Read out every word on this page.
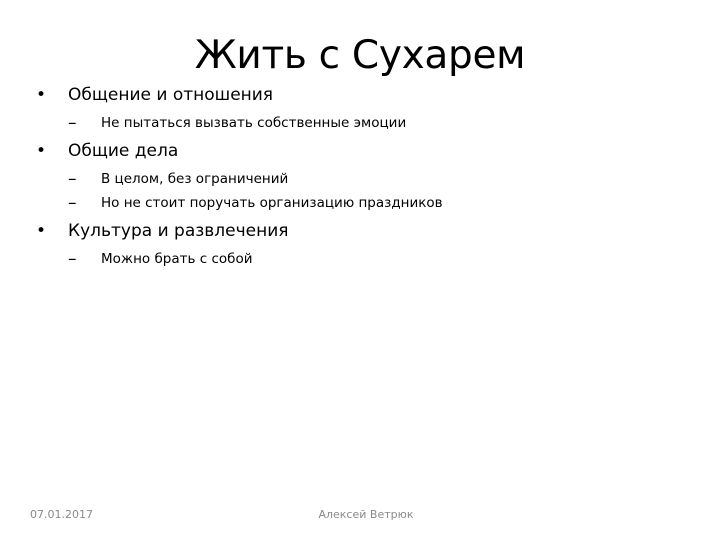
Жить с Сухарем
•	Общение и отношения
–	Не пытаться вызвать собственные эмоции
•	Общие дела
–	В целом, без ограничений
–	Но не стоит поручать организацию праздников
•	Культура и развлечения
–	Можно брать с собой
07.01.2017	Алексей Ветрюк
